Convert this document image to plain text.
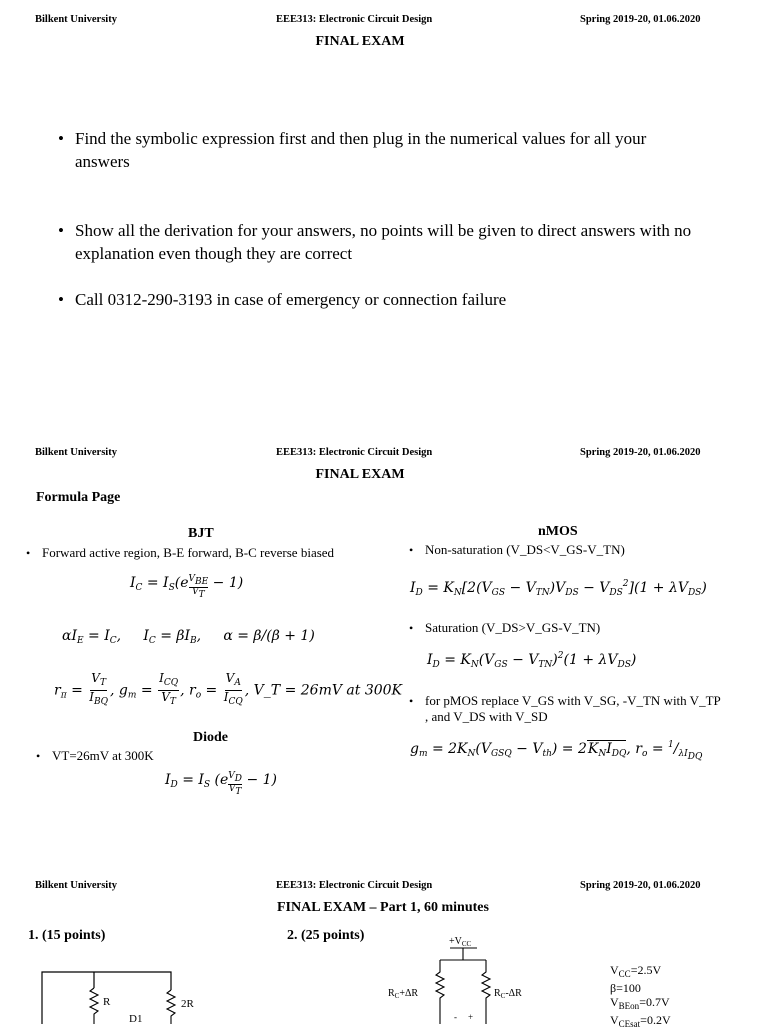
Bilkent University	EEE313: Electronic Circuit Design	Spring 2019-20, 01.06.2020
FINAL EXAM
• Find the symbolic expression first and then plug in the numerical values for all your answers
• Show all the derivation for your answers, no points will be given to direct answers with no explanation even though they are correct
• Call 0312-290-3193 in case of emergency or connection failure
Bilkent University	EEE313: Electronic Circuit Design	Spring 2019-20, 01.06.2020
FINAL EXAM
Formula Page
BJT
• Forward active region, B-E forward, B-C reverse biased
$I_C = I_S(e$ $V_{BE}$
$V_T$
− 1)
$\alpha I_E = I_C$,     $I_C = \beta I_B$,     α = β/(β + 1)
$r_\pi = \frac{V_T}{I_{BQ}}$ , $g_m = \frac{I_{CQ}}{V_T}$ , $r_o = \frac{V_A}{I_{CQ}}$ , V_T = 26mV at 300K
Diode
• VT=26mV at 300K
$I_D = I_S$ $(e \frac{V_D}{V_T} - 1)$
nMOS
• Non-saturation (V_DS<V_GS-V_TN)
$I_D = K_N[2(V_{GS} - V_{TN})V_{DS} - V_{DS}^2](1 + \lambda V_{DS})$
• Saturation (V_DS>V_GS-V_TN)
$I_D = K_N(V_{GS} - V_{TN})^2(1 + \lambda V_{DS})$
• for pMOS replace V_GS with V_SG, -V_TN with V_TP , and V_DS with V_SD
$g_m = 2K_N(V_{GSQ} - V_{th}) = 2K_NI_{DQ}$, $r_o = ^1/_{\lambda I_{DQ}}$
Bilkent University	EEE313: Electronic Circuit Design	Spring 2019-20, 01.06.2020
FINAL EXAM – Part 1, 60 minutes
1. (15 points)	2. (25 points)
R	2R
D1
$+V_{CC}$
- +
$R_C+\Delta R$	$R_C-\Delta R$
$V_{CC}=2.5V$
β=100
$V_{BEon}=0.7V$
$V_{CEsat}=0.2V$
